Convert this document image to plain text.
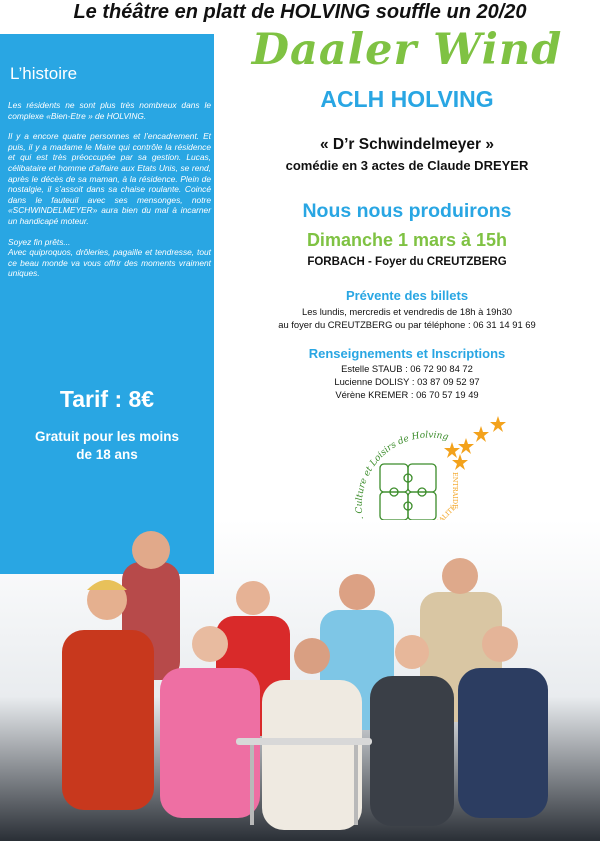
Le théâtre en platt de HOLVING souffle un 20/20
L’histoire

Les résidents ne sont plus très nombreux dans le complexe «Bien-Etre » de HOLVING.

Il y a encore quatre personnes et l’encadrement. Et puis, il y a madame le Maire qui contrôle la résidence et qui est très préoccupée par sa gestion. Lucas, célibataire et homme d’affaire aux Etats Unis, se rend, après le décès de sa maman, à la résidence. Plein de nostalgie, il s’assoit dans sa chaise roulante. Coincé dans le fauteuil avec ses mensonges, notre «SCHWINDELMEYER» aura bien du mal à incarner un handicapé moteur.

Soyez fin prêts...
Avec quiproquos, drôleries, pagaille et tendresse, tout ce beau monde va vous offrir des moments vraiment uniques.

Tarif : 8€
Gratuit pour les moins de 18 ans
Daaler Wind
ACLH HOLVING
« D’r Schwindelmeyer »
comédie en 3 actes de Claude DREYER
Nous nous produirons
Dimanche 1 mars à 15h
FORBACH - Foyer du CREUTZBERG
Prévente des billets
Les lundis, mercredis et vendredis de 18h à 19h30
au foyer du CREUTZBERG ou par téléphone : 06 31 14 91 69
Renseignements et Inscriptions
Estelle STAUB : 06 72 90 84 72
Lucienne DOLISY : 03 87 09 52 97
Vérène KREMER : 06 70 57 19 49
. Culture et Loisirs de Holving
ENTRAIDE
